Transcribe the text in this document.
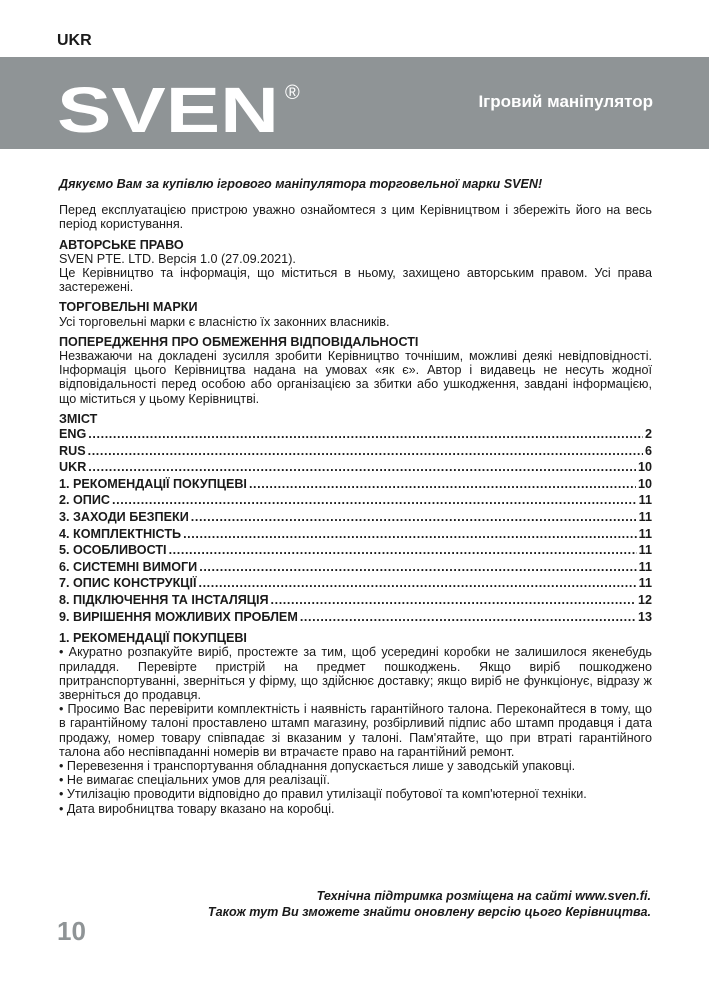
UKR
SVEN ®	Ігровий маніпулятор

Дякуємо Вам за купівлю ігрового маніпулятора торговельної марки SVEN!

Перед експлуатацією пристрою уважно ознайомтеся з цим Керівництвом і збережіть його на весь період користування.

АВТОРСЬКЕ ПРАВО

SVEN PTE. LTD. Версія 1.0 (27.09.2021).

Це Керівництво та інформація, що міститься в ньому, захищено авторським правом. Усі права застережені.

ТОРГОВЕЛЬНІ МАРКИ

Усі торговельні марки є власністю їх законних власників.

ПОПЕРЕДЖЕННЯ ПРО ОБМЕЖЕННЯ ВІДПОВІДАЛЬНОСТІ

Незважаючи на докладені зусилля зробити Керівництво точнішим, можливі деякі невідповідності. Інформація цього Керівництва надана на умовах «як є». Автор і видавець не несуть жодної відповідальності перед особою або організацією за збитки або ушкодження, завдані інформацією, що міститься у цьому Керівництві.

ЗМІСТ
ENG .....	2
RUS .....	6
UKR .....	10
1. РЕКОМЕНДАЦІЇ ПОКУПЦЕВІ .....	10
2. ОПИС .....	11
3. ЗАХОДИ БЕЗПЕКИ .....	11
4. КОМПЛЕКТНІСТЬ .....	11
5. ОСОБЛИВОСТІ .....	11
6. СИСТЕМНІ ВИМОГИ .....	11
7. ОПИС КОНСТРУКЦІЇ .....	11
8. ПІДКЛЮЧЕННЯ ТА ІНСТАЛЯЦІЯ .....	12
9. ВИРІШЕННЯ МОЖЛИВИХ ПРОБЛЕМ .....	13
1. РЕКОМЕНДАЦІЇ ПОКУПЦЕВІ

• Акуратно розпакуйте виріб, простежте за тим, щоб усередині коробки не залишилося якенебудь приладдя. Перевірте пристрій на предмет пошкоджень. Якщо виріб пошкоджено притранспортуванні, зверніться у фірму, що здійснює доставку; якщо виріб не функціонує, відразу ж зверніться до продавця.

• Просимо Вас перевірити комплектність і наявність гарантійного талона. Переконайтеся в тому, що в гарантійному талоні проставлено штамп магазину, розбірливий підпис або штамп продавця і дата продажу, номер товару співпадає зі вказаним у талоні. Пам'ятайте, що при втраті гарантійного талона або неспівпаданні номерів ви втрачаєте право на гарантійний ремонт.

• Перевезення і транспортування обладнання допускається лише у заводській упаковці.

• Не вимагає спеціальних умов для реалізації.

• Утилізацію проводити відповідно до правил утилізації побутової та комп'ютерної техніки.

• Дата виробництва товару вказано на коробці.

Технічна підтримка розміщена на сайті www.sven.fi.
Також тут Ви зможете знайти оновлену версію цього Керівництва.
10
